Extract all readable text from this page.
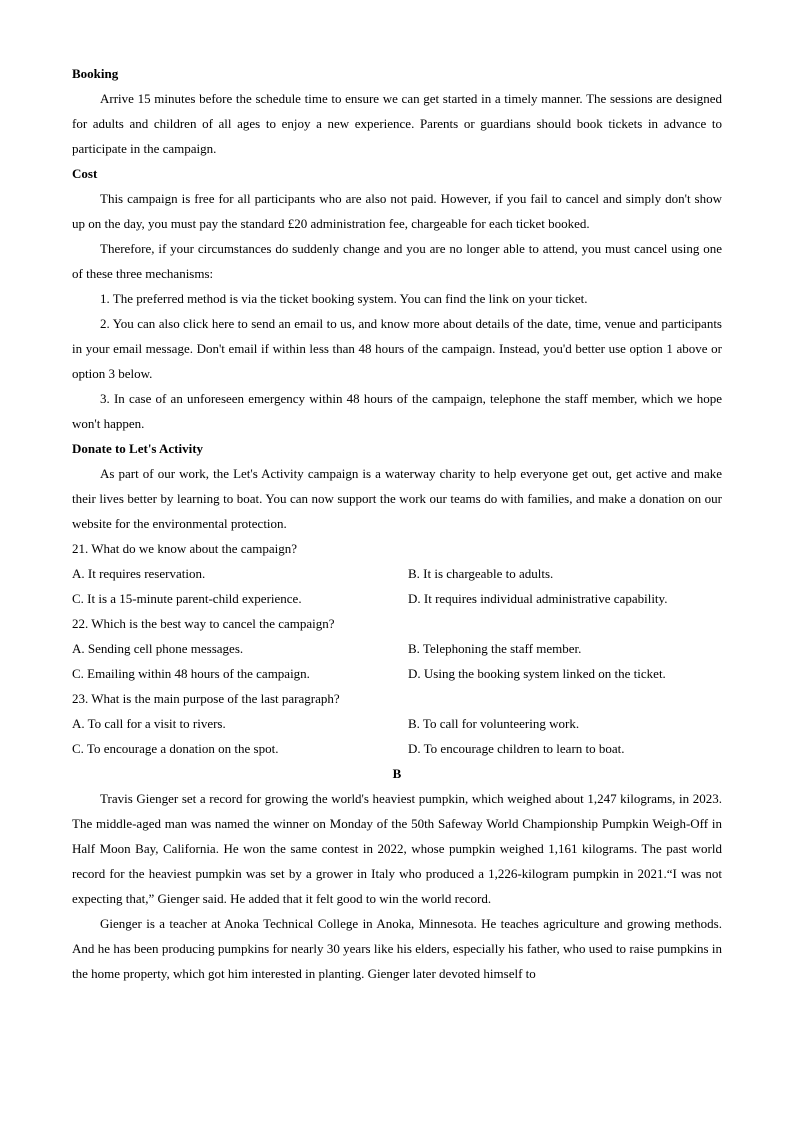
Booking

Arrive 15 minutes before the schedule time to ensure we can get started in a timely manner. The sessions are designed for adults and children of all ages to enjoy a new experience. Parents or guardians should book tickets in advance to participate in the campaign.

Cost

This campaign is free for all participants who are also not paid. However, if you fail to cancel and simply don't show up on the day, you must pay the standard £20 administration fee, chargeable for each ticket booked.

Therefore, if your circumstances do suddenly change and you are no longer able to attend, you must cancel using one of these three mechanisms:

1. The preferred method is via the ticket booking system. You can find the link on your ticket.

2. You can also click here to send an email to us, and know more about details of the date, time, venue and participants in your email message. Don't email if within less than 48 hours of the campaign. Instead, you'd better use option 1 above or option 3 below.

3. In case of an unforeseen emergency within 48 hours of the campaign, telephone the staff member, which we hope won't happen.

Donate to Let's Activity

As part of our work, the Let's Activity campaign is a waterway charity to help everyone get out, get active and make their lives better by learning to boat. You can now support the work our teams do with families, and make a donation on our website for the environmental protection.

21. What do we know about the campaign?
A. It requires reservation.	B. It is chargeable to adults.
C. It is a 15-minute parent-child experience.	D. It requires individual administrative capability.
22. Which is the best way to cancel the campaign?
A. Sending cell phone messages.	B. Telephoning the staff member.
C. Emailing within 48 hours of the campaign.	D. Using the booking system linked on the ticket.
23. What is the main purpose of the last paragraph?
A. To call for a visit to rivers.	B. To call for volunteering work.
C. To encourage a donation on the spot.	D. To encourage children to learn to boat.
B

Travis Gienger set a record for growing the world's heaviest pumpkin, which weighed about 1,247 kilograms, in 2023. The middle-aged man was named the winner on Monday of the 50th Safeway World Championship Pumpkin Weigh-Off in Half Moon Bay, California. He won the same contest in 2022, whose pumpkin weighed 1,161 kilograms. The past world record for the heaviest pumpkin was set by a grower in Italy who produced a 1,226-kilogram pumpkin in 2021.“I was not expecting that,” Gienger said. He added that it felt good to win the world record.

Gienger is a teacher at Anoka Technical College in Anoka, Minnesota. He teaches agriculture and growing methods. And he has been producing pumpkins for nearly 30 years like his elders, especially his father, who used to raise pumpkins in the home property, which got him interested in planting. Gienger later devoted himself to
